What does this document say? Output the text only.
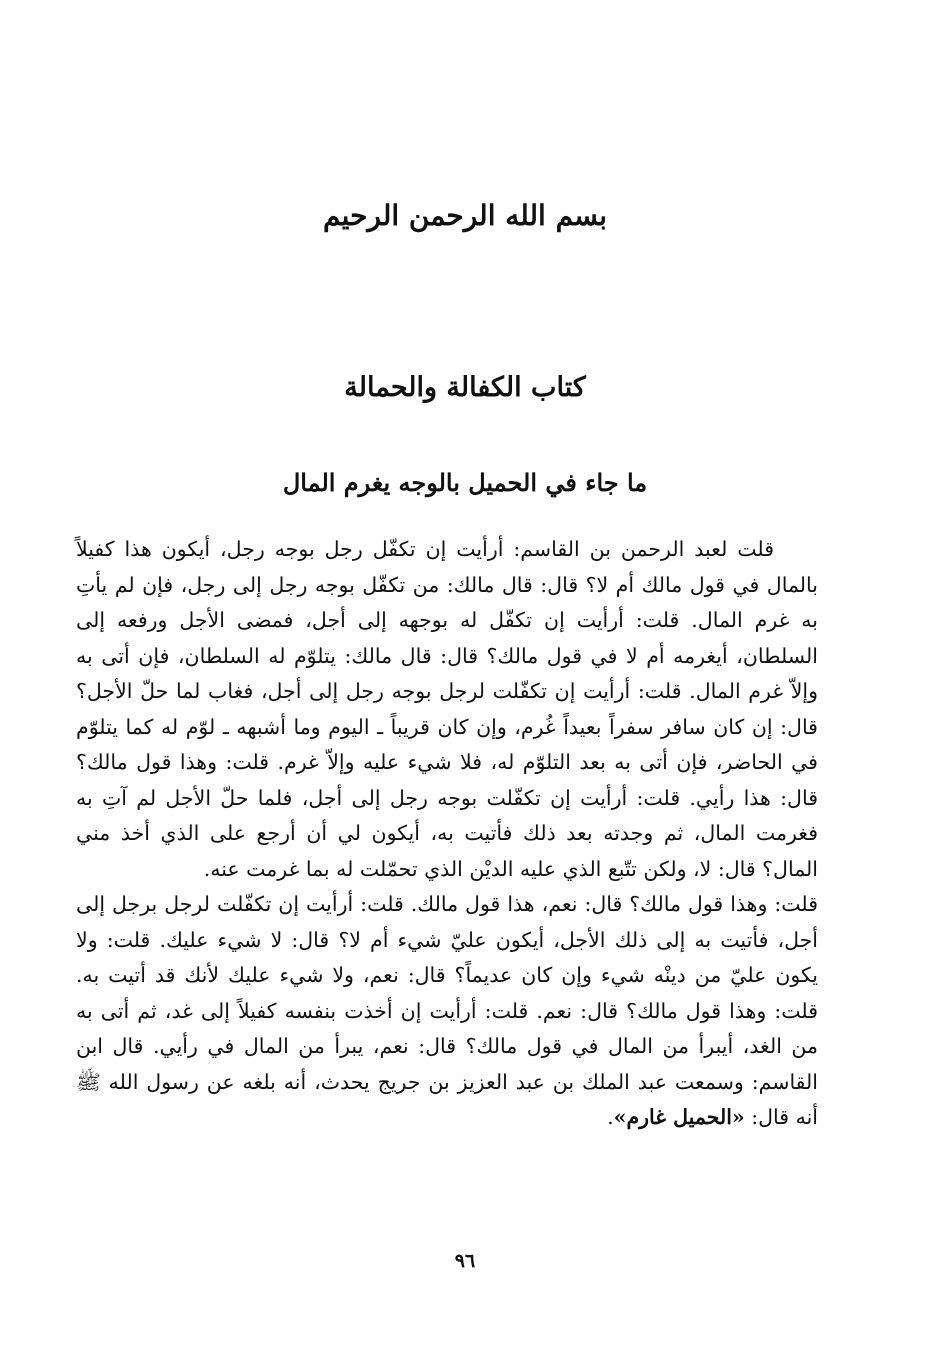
بسم الله الرحمن الرحيم
كتاب الكفالة والحمالة
ما جاء في الحميل بالوجه يغرم المال

قلت لعبد الرحمن بن القاسم: أرأيت إن تكفّل رجل بوجه رجل، أيكون هذا كفيلاً بالمال في قول مالك أم لا؟ قال: قال مالك: من تكفّل بوجه رجل إلى رجل، فإن لم يأتِ به غرم المال. قلت: أرأيت إن تكفّل له بوجهه إلى أجل، فمضى الأجل ورفعه إلى السلطان، أيغرمه أم لا في قول مالك؟ قال: قال مالك: يتلوّم له السلطان، فإن أتى به وإلاّ غرم المال. قلت: أرأيت إن تكفّلت لرجل بوجه رجل إلى أجل، فغاب لما حلّ الأجل؟ قال: إن كان سافر سفراً بعيداً غُرم، وإن كان قريباً ـ اليوم وما أشبهه ـ لوّم له كما يتلوّم في الحاضر، فإن أتى به بعد التلوّم له، فلا شيء عليه وإلاّ غرم. قلت: وهذا قول مالك؟ قال: هذا رأيي. قلت: أرأيت إن تكفّلت بوجه رجل إلى أجل، فلما حلّ الأجل لم آتِ به فغرمت المال، ثم وجدته بعد ذلك فأتيت به، أيكون لي أن أرجع على الذي أخذ مني المال؟ قال: لا، ولكن تتّبع الذي عليه الديْن الذي تحمّلت له بما غرمت عنه.

قلت: وهذا قول مالك؟ قال: نعم، هذا قول مالك. قلت: أرأيت إن تكفّلت لرجل برجل إلى أجل، فأتيت به إلى ذلك الأجل، أيكون عليّ شيء أم لا؟ قال: لا شيء عليك. قلت: ولا يكون عليّ من دينْه شيء وإن كان عديماً؟ قال: نعم، ولا شيء عليك لأنك قد أتيت به. قلت: وهذا قول مالك؟ قال: نعم. قلت: أرأيت إن أخذت بنفسه كفيلاً إلى غد، ثم أتى به من الغد، أيبرأ من المال في قول مالك؟ قال: نعم، يبرأ من المال في رأيي. قال ابن القاسم: وسمعت عبد الملك بن عبد العزيز بن جريج يحدث، أنه بلغه عن رسول الله ﷺ أنه قال: «الحميل غارم».

٩٦
